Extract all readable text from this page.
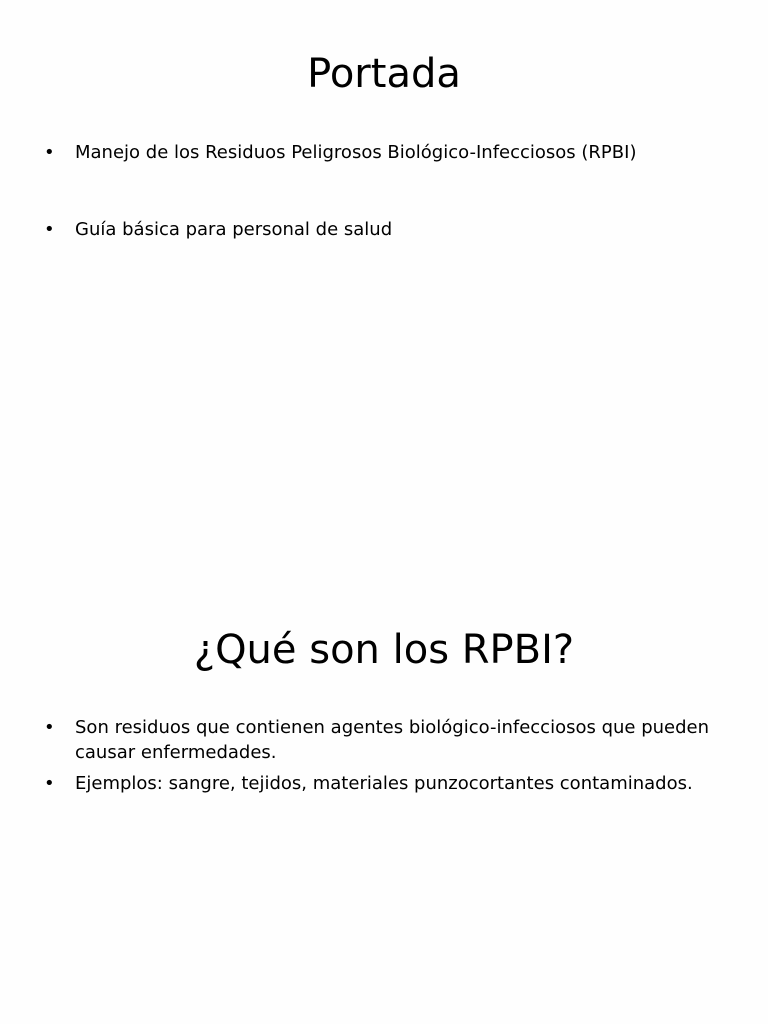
Portada
• Manejo de los Residuos Peligrosos Biológico-Infecciosos (RPBI)
• Guía básica para personal de salud
¿Qué son los RPBI?
• Son residuos que contienen agentes biológico-infecciosos que pueden causar enfermedades.
• Ejemplos: sangre, tejidos, materiales punzocortantes contaminados.
